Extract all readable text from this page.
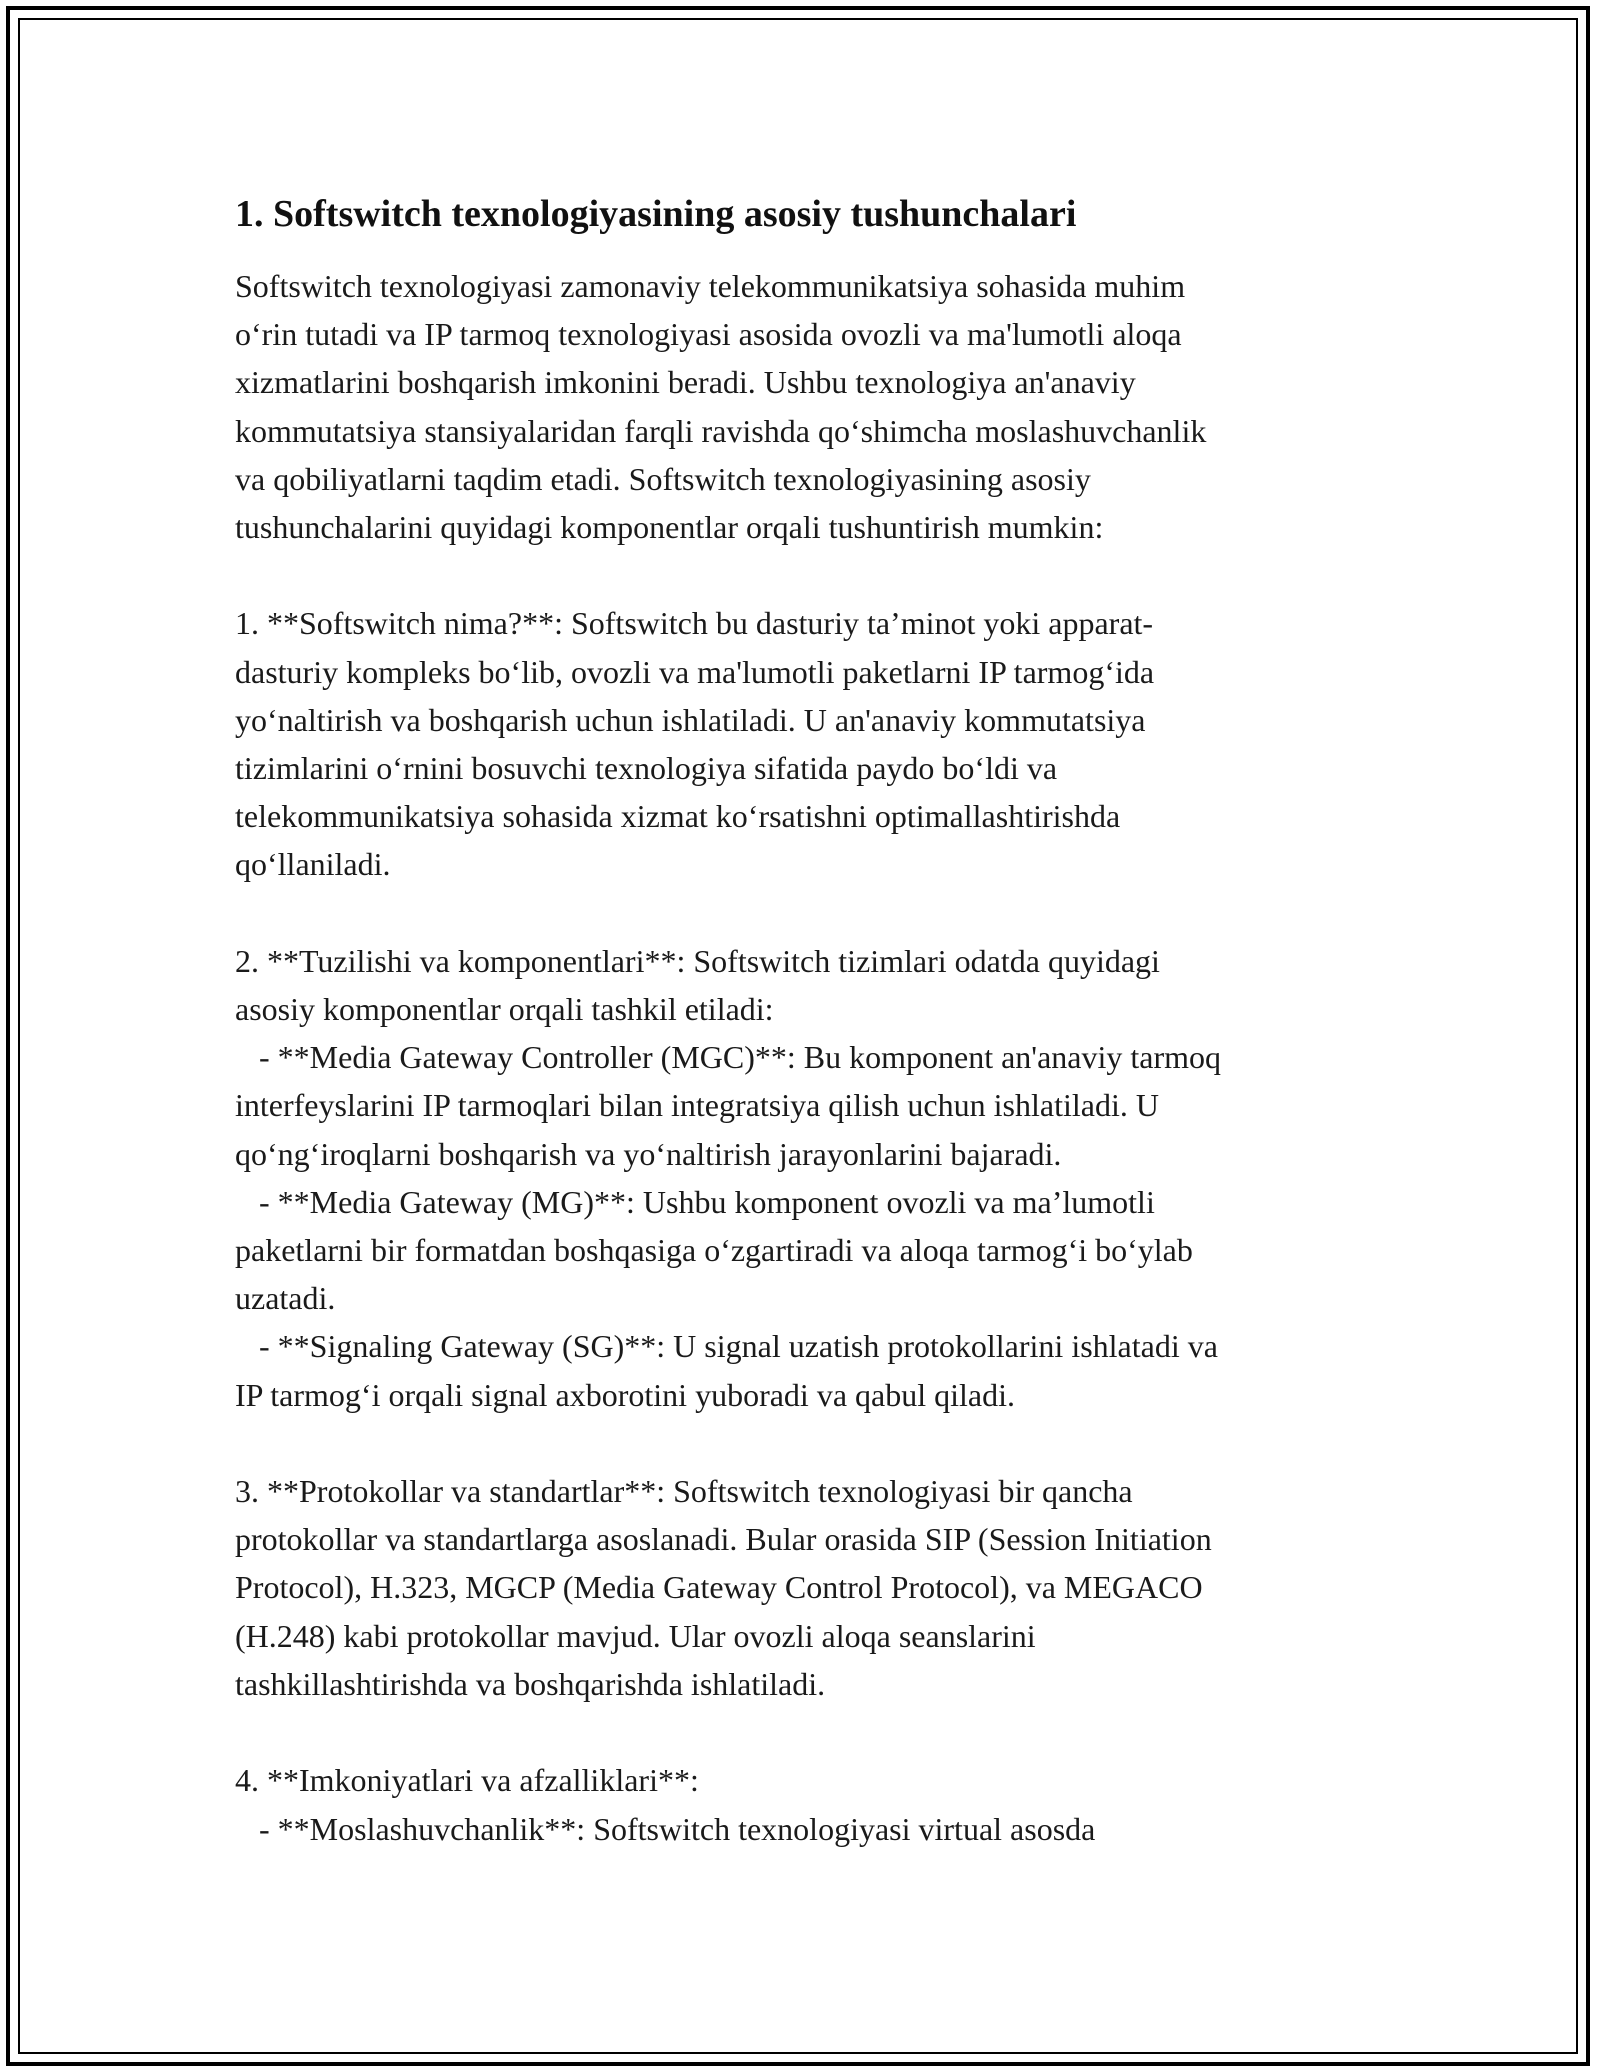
1. Softswitch texnologiyasining asosiy tushunchalari
Softswitch texnologiyasi zamonaviy telekommunikatsiya sohasida muhim
o‘rin tutadi va IP tarmoq texnologiyasi asosida ovozli va ma'lumotli aloqa
xizmatlarini boshqarish imkonini beradi. Ushbu texnologiya an'anaviy
kommutatsiya stansiyalaridan farqli ravishda qo‘shimcha moslashuvchanlik
va qobiliyatlarni taqdim etadi. Softswitch texnologiyasining asosiy
tushunchalarini quyidagi komponentlar orqali tushuntirish mumkin:

1. **Softswitch nima?**: Softswitch bu dasturiy ta’minot yoki apparat-
dasturiy kompleks bo‘lib, ovozli va ma'lumotli paketlarni IP tarmog‘ida
yo‘naltirish va boshqarish uchun ishlatiladi. U an'anaviy kommutatsiya
tizimlarini o‘rnini bosuvchi texnologiya sifatida paydo bo‘ldi va
telekommunikatsiya sohasida xizmat ko‘rsatishni optimallashtirishda
qo‘llaniladi.

2. **Tuzilishi va komponentlari**: Softswitch tizimlari odatda quyidagi
asosiy komponentlar orqali tashkil etiladi:
- **Media Gateway Controller (MGC)**: Bu komponent an'anaviy tarmoq
interfeyslarini IP tarmoqlari bilan integratsiya qilish uchun ishlatiladi. U
qo‘ng‘iroqlarni boshqarish va yo‘naltirish jarayonlarini bajaradi.
- **Media Gateway (MG)**: Ushbu komponent ovozli va ma’lumotli
paketlarni bir formatdan boshqasiga o‘zgartiradi va aloqa tarmog‘i bo‘ylab
uzatadi.
- **Signaling Gateway (SG)**: U signal uzatish protokollarini ishlatadi va
IP tarmog‘i orqali signal axborotini yuboradi va qabul qiladi.

3. **Protokollar va standartlar**: Softswitch texnologiyasi bir qancha
protokollar va standartlarga asoslanadi. Bular orasida SIP (Session Initiation
Protocol), H.323, MGCP (Media Gateway Control Protocol), va MEGACO
(H.248) kabi protokollar mavjud. Ular ovozli aloqa seanslarini
tashkillashtirishda va boshqarishda ishlatiladi.

4. **Imkoniyatlari va afzalliklari**:
- **Moslashuvchanlik**: Softswitch texnologiyasi virtual asosda
